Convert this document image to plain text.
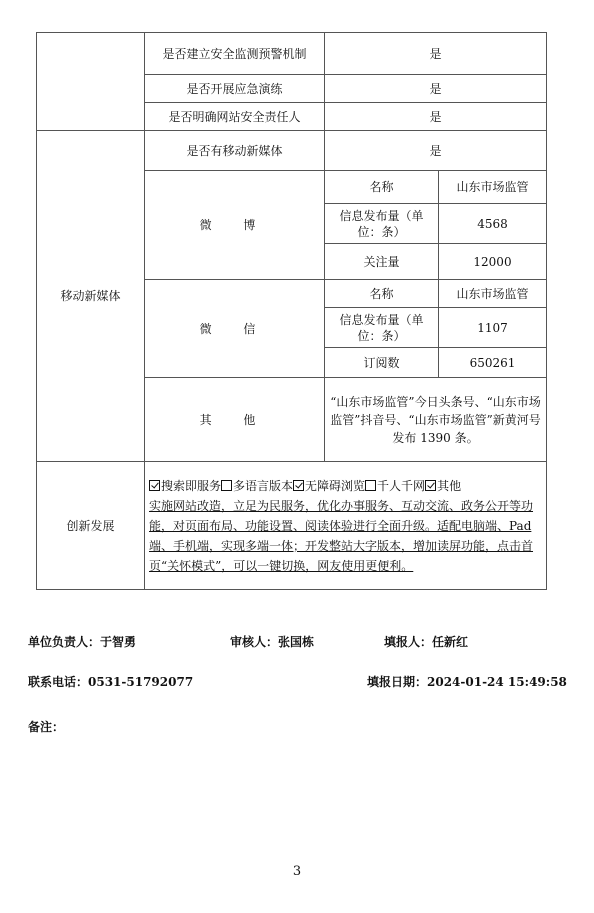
	是否建立安全监测预警机制	是	
	是否开展应急演练	是	
	是否明确网站安全责任人	是	
移动新媒体	是否有移动新媒体	是	
	微 博	名称	山东市场监管
		信息发布量（单位：条）	4568
		关注量	12000
	微 信	名称	山东市场监管
		信息发布量（单位：条）	1107
		订阅数	650261
	其 他	“山东市场监管”今日头条号、“山东市场监管”抖音号、“山东市场监管”新黄河号发布 1390 条。	
创新发展	搜索即服务 多语言版本 无障碍浏览 千人千网 其他
实施网站改造，立足为民服务，优化办事服务、互动交流、政务公开等功能，对页面布局、功能设置、阅读体验进行全面升级。适配电脑端、Pad 端、手机端，实现多端一体；开发整站大字版本，增加读屏功能，点击首页“关怀模式”，可以一键切换，网友使用更便利。		
单位负责人：于智勇	审核人：张国栋	填报人：任新红
联系电话：0531-51792077	填报日期：2024-01-24 15:49:58
备注：
3
